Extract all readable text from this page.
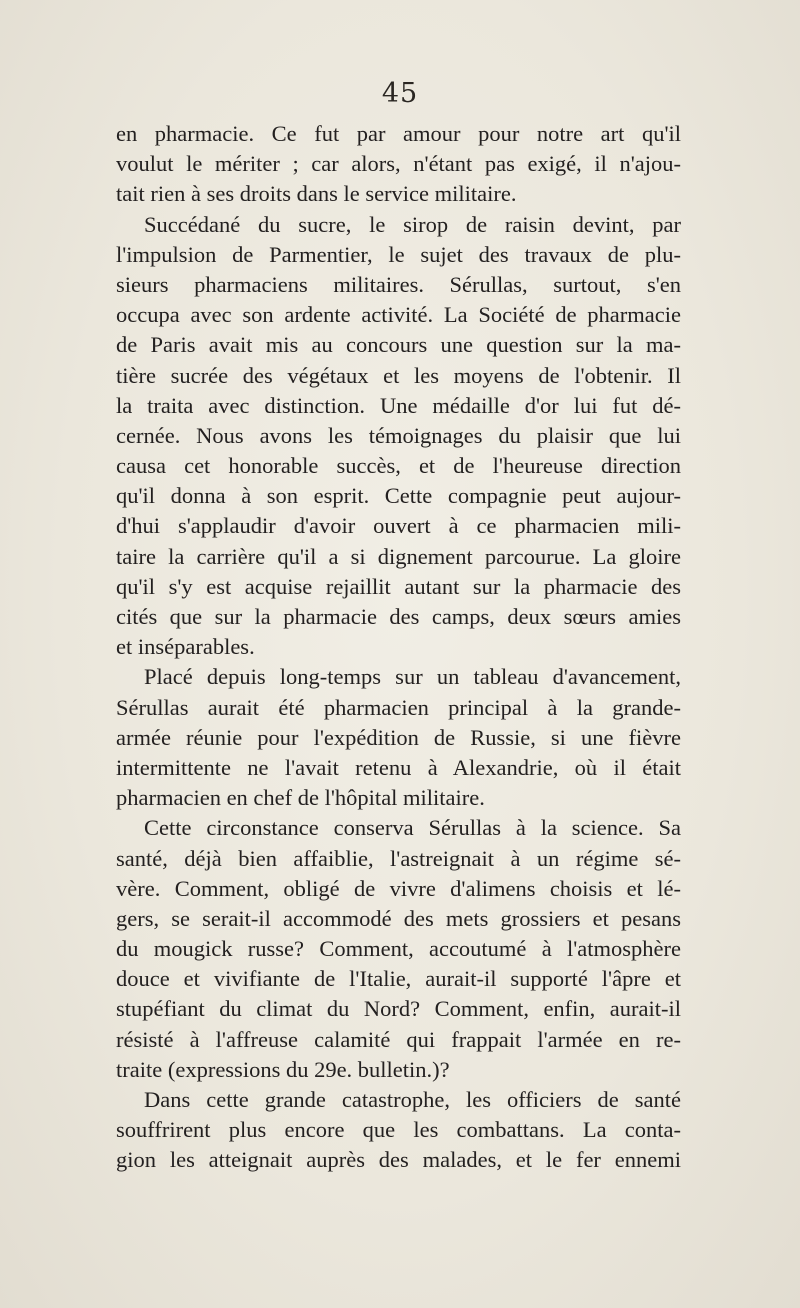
45
en pharmacie. Ce fut par amour pour notre art qu'il
voulut le mériter ; car alors, n'étant pas exigé, il n'ajou-
tait rien à ses droits dans le service militaire.
Succédané du sucre, le sirop de raisin devint, par
l'impulsion de Parmentier, le sujet des travaux de plu-
sieurs pharmaciens militaires. Sérullas, surtout, s'en
occupa avec son ardente activité. La Société de pharmacie
de Paris avait mis au concours une question sur la ma-
tière sucrée des végétaux et les moyens de l'obtenir. Il
la traita avec distinction. Une médaille d'or lui fut dé-
cernée. Nous avons les témoignages du plaisir que lui
causa cet honorable succès, et de l'heureuse direction
qu'il donna à son esprit. Cette compagnie peut aujour-
d'hui s'applaudir d'avoir ouvert à ce pharmacien mili-
taire la carrière qu'il a si dignement parcourue. La gloire
qu'il s'y est acquise rejaillit autant sur la pharmacie des
cités que sur la pharmacie des camps, deux sœurs amies
et inséparables.
Placé depuis long-temps sur un tableau d'avancement,
Sérullas aurait été pharmacien principal à la grande-
armée réunie pour l'expédition de Russie, si une fièvre
intermittente ne l'avait retenu à Alexandrie, où il était
pharmacien en chef de l'hôpital militaire.
Cette circonstance conserva Sérullas à la science. Sa
santé, déjà bien affaiblie, l'astreignait à un régime sé-
vère. Comment, obligé de vivre d'alimens choisis et lé-
gers, se serait-il accommodé des mets grossiers et pesans
du mougick russe? Comment, accoutumé à l'atmosphère
douce et vivifiante de l'Italie, aurait-il supporté l'âpre et
stupéfiant du climat du Nord? Comment, enfin, aurait-il
résisté à l'affreuse calamité qui frappait l'armée en re-
traite (expressions du 29e. bulletin.)?
Dans cette grande catastrophe, les officiers de santé
souffrirent plus encore que les combattans. La conta-
gion les atteignait auprès des malades, et le fer ennemi
